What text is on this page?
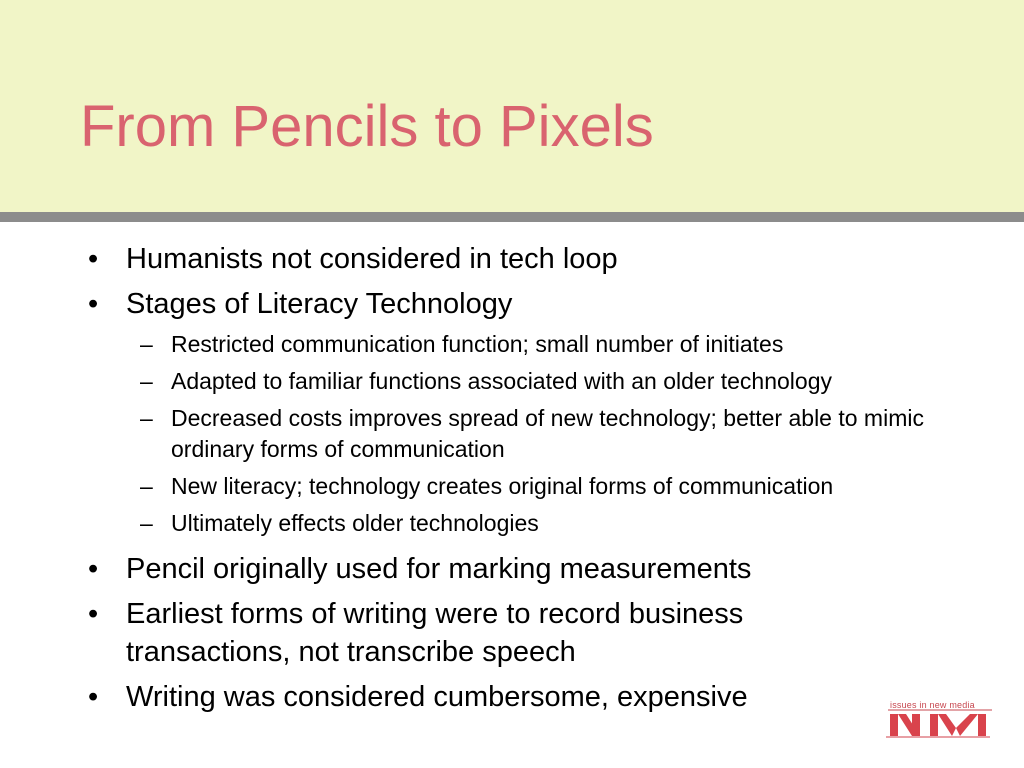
From Pencils to Pixels
• Humanists not considered in tech loop
• Stages of Literacy Technology
– Restricted communication function; small number of initiates
– Adapted to familiar functions associated with an older technology
– Decreased costs improves spread of new technology; better able to mimic ordinary forms of communication
– New literacy; technology creates original forms of communication
– Ultimately effects older technologies
• Pencil originally used for marking measurements
• Earliest forms of writing were to record business transactions, not transcribe speech
• Writing was considered cumbersome, expensive	issues in new media
